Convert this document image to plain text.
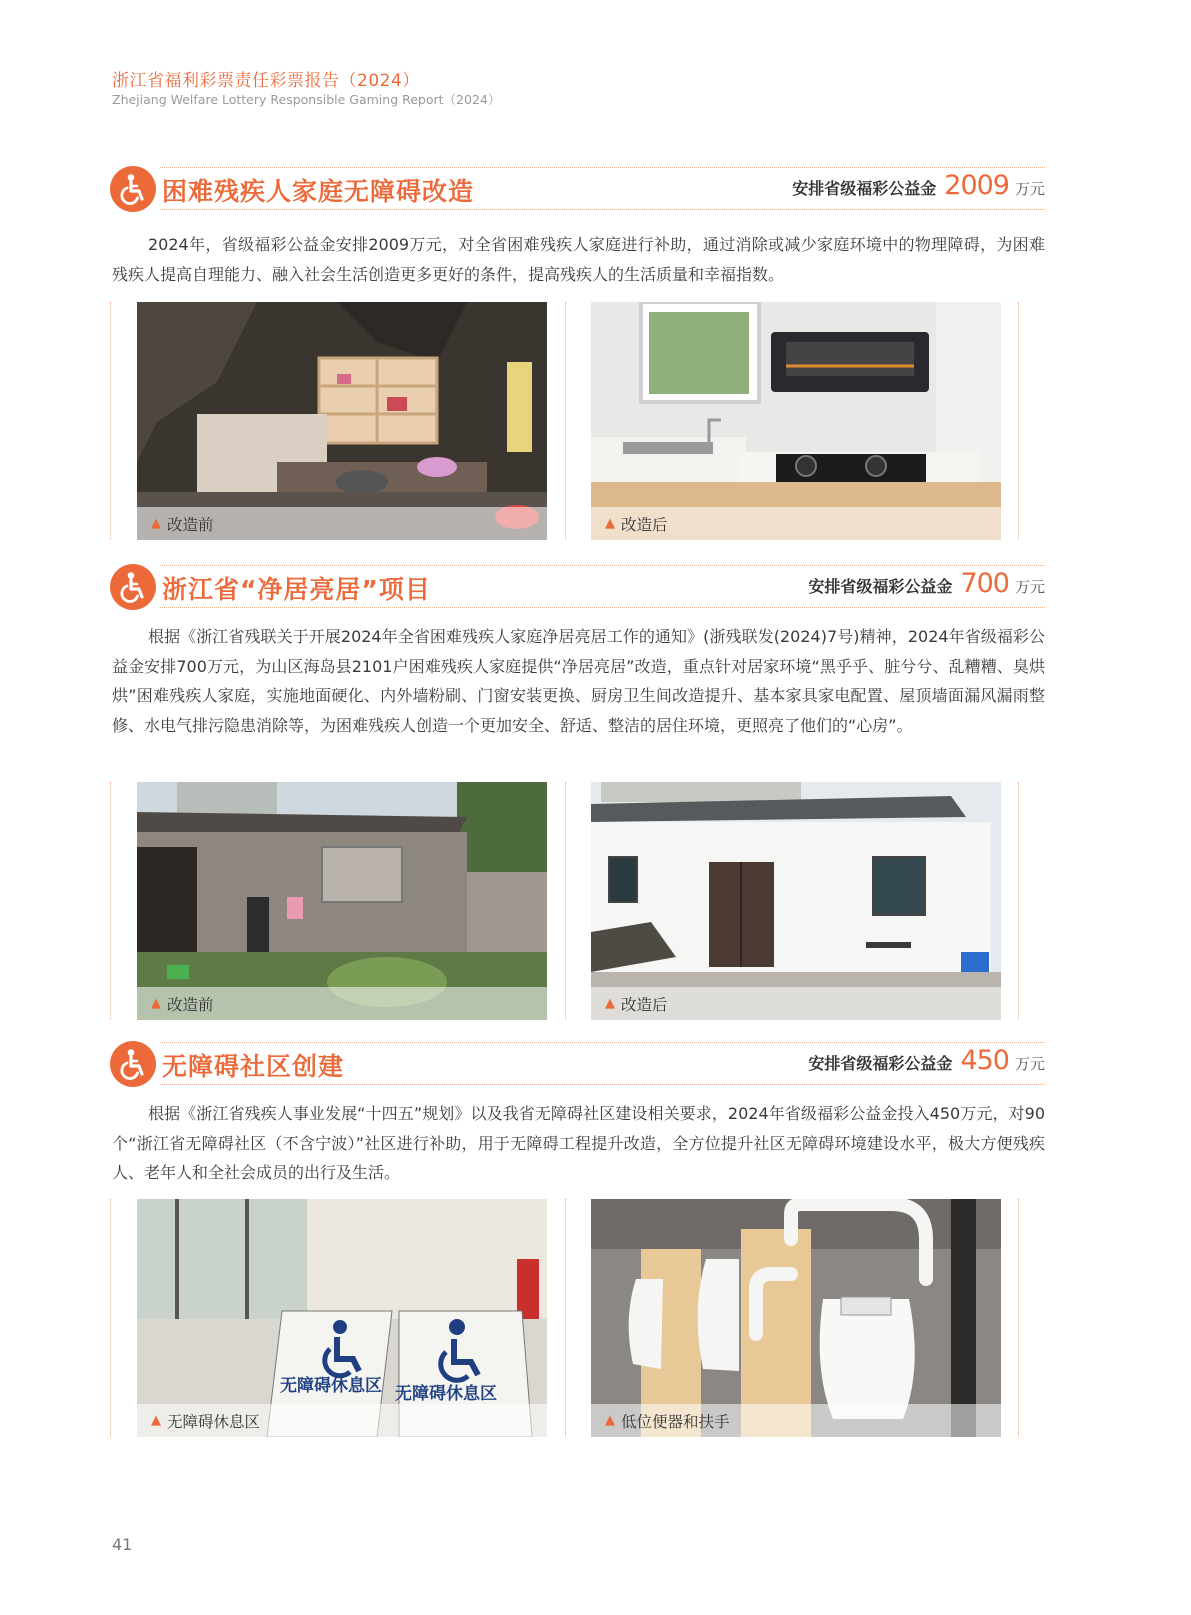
浙江省福利彩票责任彩票报告（2024）
Zhejiang Welfare Lottery Responsible Gaming Report（2024）
困难残疾人家庭无障碍改造	安排省级福彩公益金 2009 万元

2024年，省级福彩公益金安排2009万元，对全省困难残疾人家庭进行补助，通过消除或减少家庭环境中的物理障碍，为困难残疾人提高自理能力、融入社会生活创造更多更好的条件，提高残疾人的生活质量和幸福指数。

▲ 改造前	▲ 改造后
浙江省“净居亮居”项目	安排省级福彩公益金 700 万元

根据《浙江省残联关于开展2024年全省困难残疾人家庭净居亮居工作的通知》(浙残联发(2024)7号)精神，2024年省级福彩公益金安排700万元，为山区海岛县2101户困难残疾人家庭提供“净居亮居”改造，重点针对居家环境“黑乎乎、脏兮兮、乱糟糟、臭烘烘”困难残疾人家庭，实施地面硬化、内外墙粉刷、门窗安装更换、厨房卫生间改造提升、基本家具家电配置、屋顶墙面漏风漏雨整修、水电气排污隐患消除等，为困难残疾人创造一个更加安全、舒适、整洁的居住环境，更照亮了他们的“心房”。

▲ 改造前	▲ 改造后
无障碍社区创建	安排省级福彩公益金 450 万元

根据《浙江省残疾人事业发展“十四五”规划》以及我省无障碍社区建设相关要求，2024年省级福彩公益金投入450万元，对90个“浙江省无障碍社区（不含宁波）”社区进行补助，用于无障碍工程提升改造，全方位提升社区无障碍环境建设水平，极大方便残疾人、老年人和全社会成员的出行及生活。

无障碍休息区 无障碍休息区
▲ 无障碍休息区	▲ 低位便器和扶手
41
